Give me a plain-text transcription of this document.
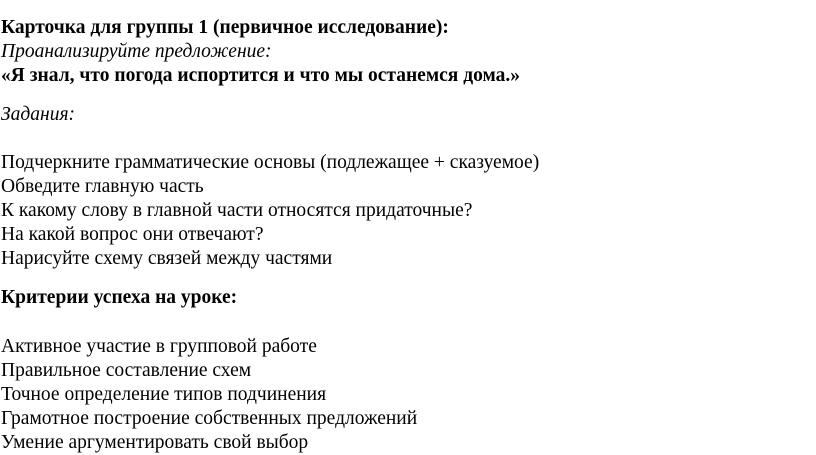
Карточка для группы 1 (первичное исследование):
Проанализируйте предложение:
«Я знал, что погода испортится и что мы останемся дома.»
Задания:
Подчеркните грамматические основы (подлежащее + сказуемое)
Обведите главную часть
К какому слову в главной части относятся придаточные?
На какой вопрос они отвечают?
Нарисуйте схему связей между частями
Критерии успеха на уроке:
Активное участие в групповой работе
Правильное составление схем
Точное определение типов подчинения
Грамотное построение собственных предложений
Умение аргументировать свой выбор
